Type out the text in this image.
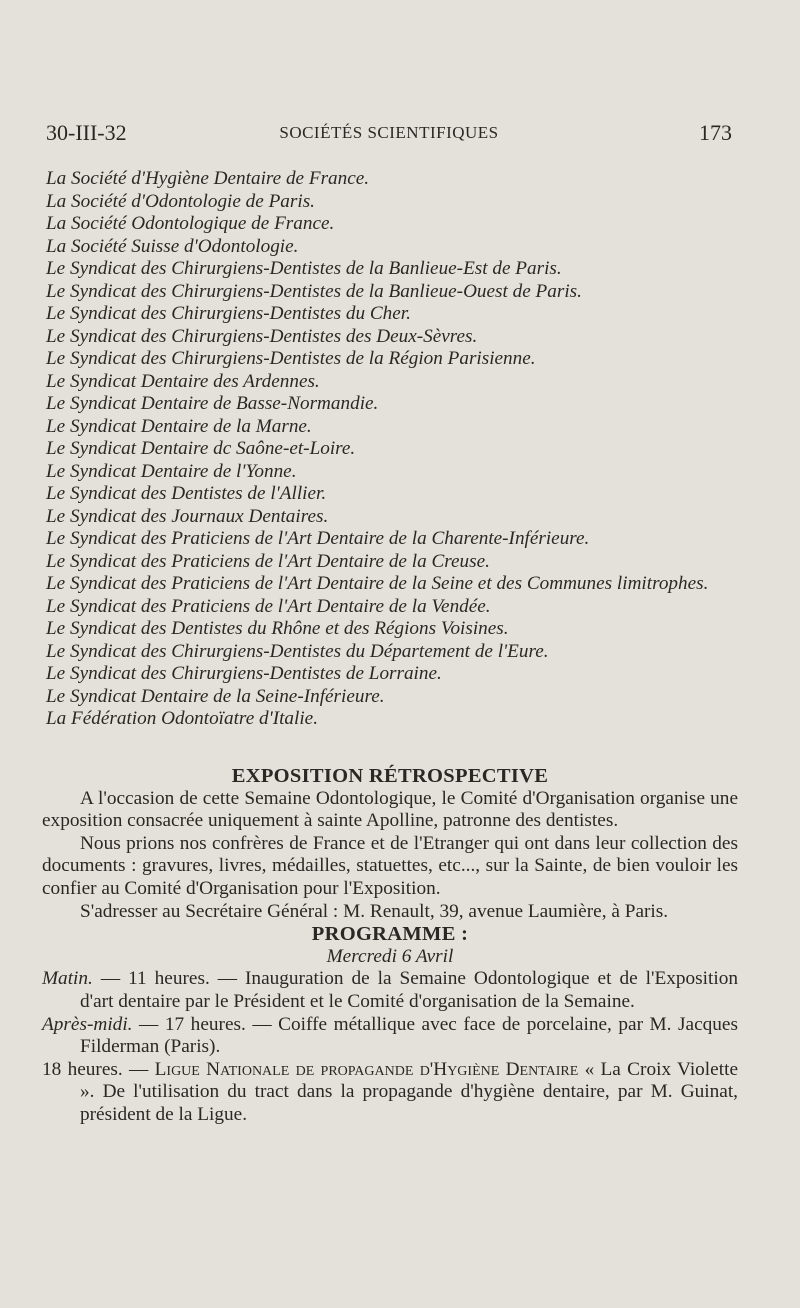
30-III-32	SOCIÉTÉS SCIENTIFIQUES	173
La Société d'Hygiène Dentaire de France.
La Société d'Odontologie de Paris.
La Société Odontologique de France.
La Société Suisse d'Odontologie.
Le Syndicat des Chirurgiens-Dentistes de la Banlieue-Est de Paris.
Le Syndicat des Chirurgiens-Dentistes de la Banlieue-Ouest de Paris.
Le Syndicat des Chirurgiens-Dentistes du Cher.
Le Syndicat des Chirurgiens-Dentistes des Deux-Sèvres.
Le Syndicat des Chirurgiens-Dentistes de la Région Parisienne.
Le Syndicat Dentaire des Ardennes.
Le Syndicat Dentaire de Basse-Normandie.
Le Syndicat Dentaire de la Marne.
Le Syndicat Dentaire dc Saône-et-Loire.
Le Syndicat Dentaire de l'Yonne.
Le Syndicat des Dentistes de l'Allier.
Le Syndicat des Journaux Dentaires.
Le Syndicat des Praticiens de l'Art Dentaire de la Charente-Inférieure.
Le Syndicat des Praticiens de l'Art Dentaire de la Creuse.
Le Syndicat des Praticiens de l'Art Dentaire de la Seine et des Communes limitrophes.
Le Syndicat des Praticiens de l'Art Dentaire de la Vendée.
Le Syndicat des Dentistes du Rhône et des Régions Voisines.
Le Syndicat des Chirurgiens-Dentistes du Département de l'Eure.
Le Syndicat des Chirurgiens-Dentistes de Lorraine.
Le Syndicat Dentaire de la Seine-Inférieure.
La Fédération Odontoïatre d'Italie.
EXPOSITION RÉTROSPECTIVE

A l'occasion de cette Semaine Odontologique, le Comité d'Organisation organise une exposition consacrée uniquement à sainte Apolline, patronne des dentistes.

Nous prions nos confrères de France et de l'Etranger qui ont dans leur collection des documents : gravures, livres, médailles, statuettes, etc..., sur la Sainte, de bien vouloir les confier au Comité d'Organisation pour l'Exposition.

S'adresser au Secrétaire Général : M. Renault, 39, avenue Laumière, à Paris.

PROGRAMME :

Mercredi 6 Avril

Matin. — 11 heures. — Inauguration de la Semaine Odontologique et de l'Exposition d'art dentaire par le Président et le Comité d'organisation de la Semaine.

Après-midi. — 17 heures. — Coiffe métallique avec face de porcelaine, par M. Jacques Filderman (Paris).

18 heures. — Ligue Nationale de propagande d'Hygiène Dentaire « La Croix Violette ». De l'utilisation du tract dans la propagande d'hygiène dentaire, par M. Guinat, président de la Ligue.
